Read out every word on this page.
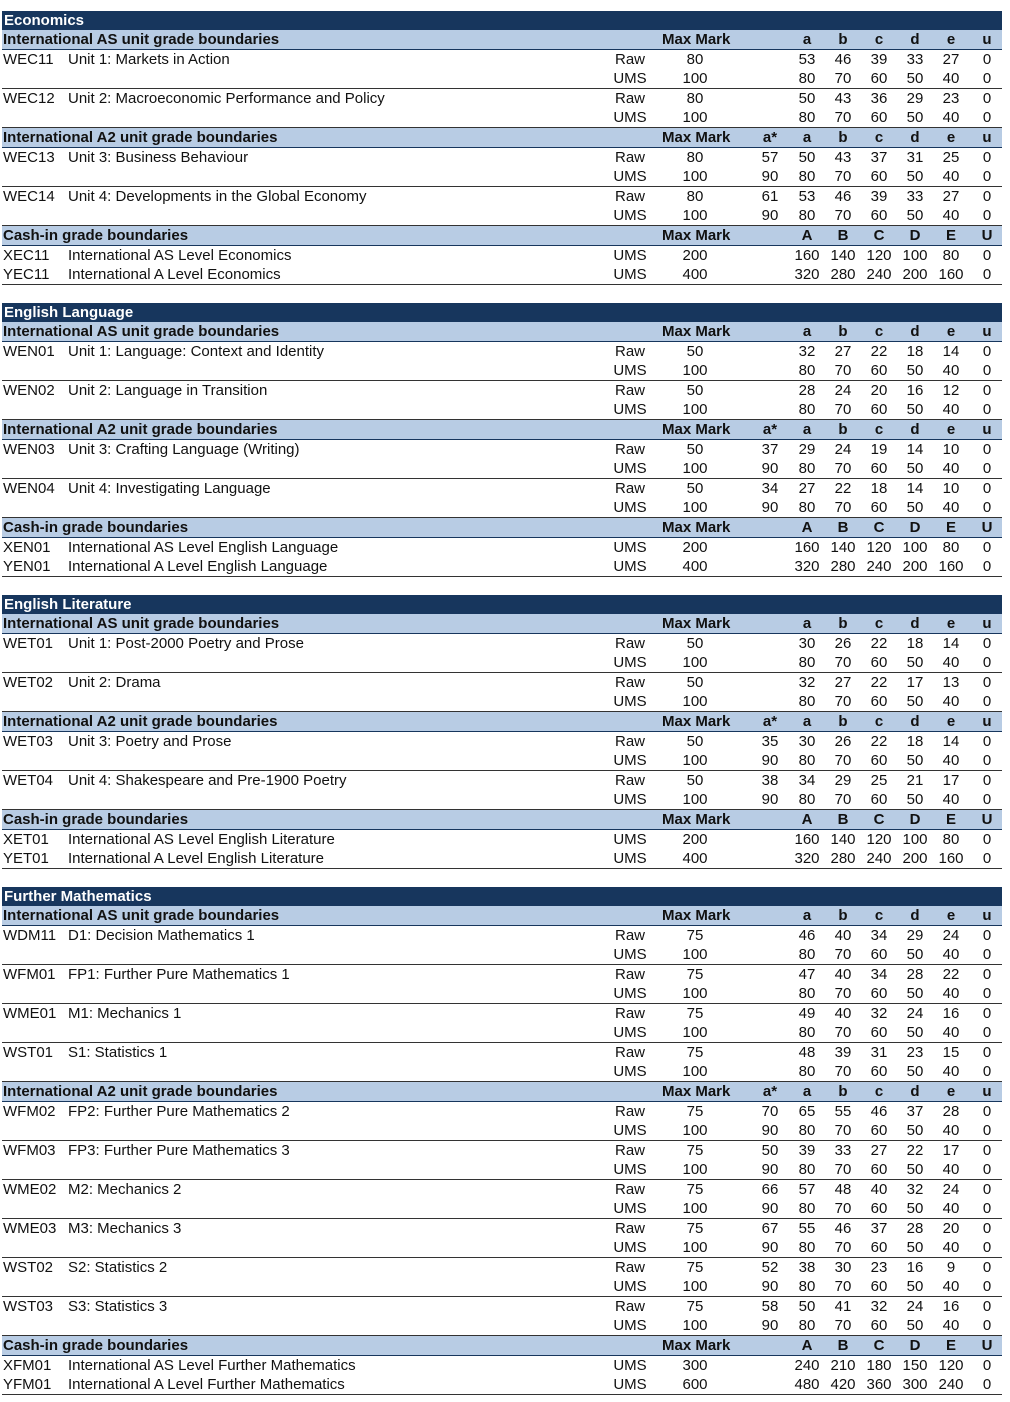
Economics
International AS unit grade boundaries	Max Mark	a	b	c	d	e	u
WEC11 Unit 1: Markets in Action	Raw	80	53	46	39	33	27	0
UMS	100	80	70	60	50	40	0
WEC12 Unit 2: Macroeconomic Performance and Policy	Raw	80	50	43	36	29	23	0
UMS	100	80	70	60	50	40	0
International A2 unit grade boundaries	Max Mark	a*	a	b	c	d	e	u
WEC13 Unit 3: Business Behaviour	Raw	80	57	50	43	37	31	25	0
UMS	100	90	80	70	60	50	40	0
WEC14 Unit 4: Developments in the Global Economy	Raw	80	61	53	46	39	33	27	0
UMS	100	90	80	70	60	50	40	0
Cash-in grade boundaries	Max Mark	A	B	C	D	E	U
XEC11 International AS Level Economics	UMS	200	160 140 120 100	80	0
YEC11 International A Level Economics	UMS	400	320 280 240 200 160	0
English Language
International AS unit grade boundaries	Max Mark	a	b	c	d	e	u
WEN01 Unit 1: Language: Context and Identity	Raw	50	32	27	22	18	14	0
UMS	100	80	70	60	50	40	0
WEN02 Unit 2: Language in Transition	Raw	50	28	24	20	16	12	0
UMS	100	80	70	60	50	40	0
International A2 unit grade boundaries	Max Mark	a*	a	b	c	d	e	u
WEN03 Unit 3: Crafting Language (Writing)	Raw	50	37	29	24	19	14	10	0
UMS	100	90	80	70	60	50	40	0
WEN04 Unit 4: Investigating Language	Raw	50	34	27	22	18	14	10	0
UMS	100	90	80	70	60	50	40	0
Cash-in grade boundaries	Max Mark	A	B	C	D	E	U
XEN01 International AS Level English Language	UMS	200	160 140 120 100	80	0
YEN01 International A Level English Language	UMS	400	320 280 240 200 160	0
English Literature
International AS unit grade boundaries	Max Mark	a	b	c	d	e	u
WET01 Unit 1: Post-2000 Poetry and Prose	Raw	50	30	26	22	18	14	0
UMS	100	80	70	60	50	40	0
WET02 Unit 2: Drama	Raw	50	32	27	22	17	13	0
UMS	100	80	70	60	50	40	0
International A2 unit grade boundaries	Max Mark	a*	a	b	c	d	e	u
WET03 Unit 3: Poetry and Prose	Raw	50	35	30	26	22	18	14	0
UMS	100	90	80	70	60	50	40	0
WET04 Unit 4: Shakespeare and Pre-1900 Poetry	Raw	50	38	34	29	25	21	17	0
UMS	100	90	80	70	60	50	40	0
Cash-in grade boundaries	Max Mark	A	B	C	D	E	U
XET01 International AS Level English Literature	UMS	200	160 140 120 100	80	0
YET01 International A Level English Literature	UMS	400	320 280 240 200 160	0
Further Mathematics
International AS unit grade boundaries	Max Mark	a	b	c	d	e	u
WDM11 D1: Decision Mathematics 1	Raw	75	46	40	34	29	24	0
UMS	100	80	70	60	50	40	0
WFM01 FP1: Further Pure Mathematics 1	Raw	75	47	40	34	28	22	0
UMS	100	80	70	60	50	40	0
WME01 M1: Mechanics 1	Raw	75	49	40	32	24	16	0
UMS	100	80	70	60	50	40	0
WST01 S1: Statistics 1	Raw	75	48	39	31	23	15	0
UMS	100	80	70	60	50	40	0
International A2 unit grade boundaries	Max Mark	a*	a	b	c	d	e	u
WFM02 FP2: Further Pure Mathematics 2	Raw	75	70	65	55	46	37	28	0
UMS	100	90	80	70	60	50	40	0
WFM03 FP3: Further Pure Mathematics 3	Raw	75	50	39	33	27	22	17	0
UMS	100	90	80	70	60	50	40	0
WME02 M2: Mechanics 2	Raw	75	66	57	48	40	32	24	0
UMS	100	90	80	70	60	50	40	0
WME03 M3: Mechanics 3	Raw	75	67	55	46	37	28	20	0
UMS	100	90	80	70	60	50	40	0
WST02 S2: Statistics 2	Raw	75	52	38	30	23	16	9	0
UMS	100	90	80	70	60	50	40	0
WST03 S3: Statistics 3	Raw	75	58	50	41	32	24	16	0
UMS	100	90	80	70	60	50	40	0
Cash-in grade boundaries	Max Mark	A	B	C	D	E	U
XFM01 International AS Level Further Mathematics	UMS	300	240 210 180 150 120	0
YFM01 International A Level Further Mathematics	UMS	600	480 420 360 300 240	0
